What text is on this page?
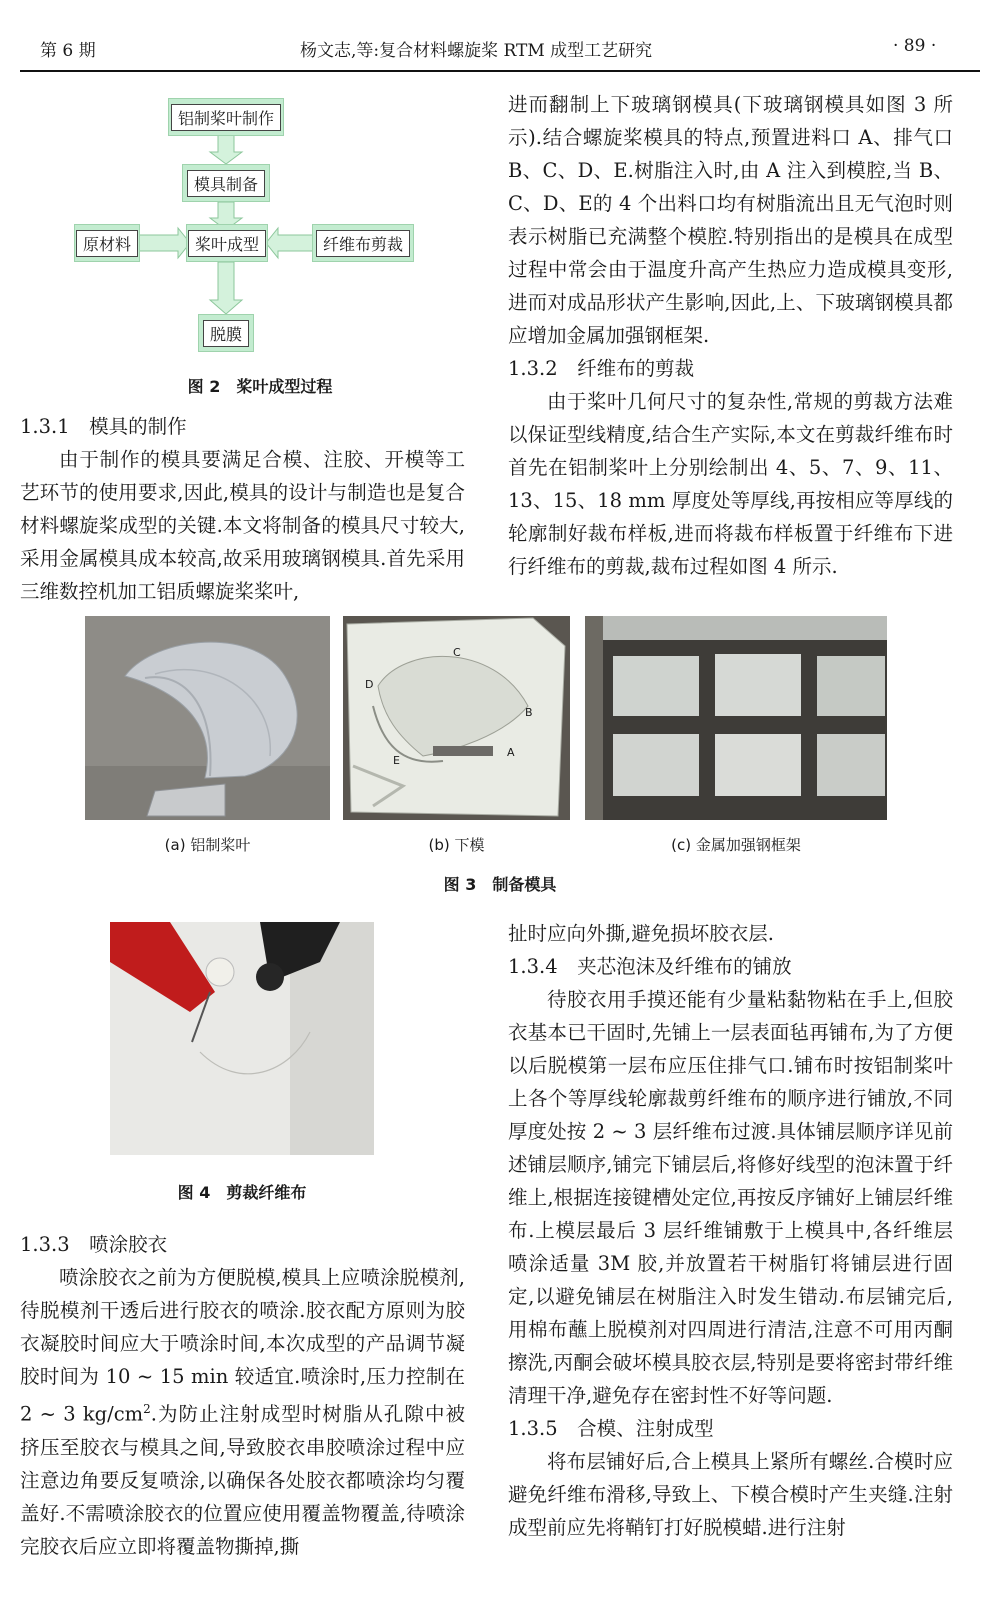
第 6 期	杨文志,等:复合材料螺旋桨 RTM 成型工艺研究	· 89 ·
铝制桨叶制作
模具制备
原材料	桨叶成型	纤维布剪裁
脱膜
图 2　桨叶成型过程

1.3.1　模具的制作

由于制作的模具要满足合模、注胶、开模等工艺环节的使用要求,因此,模具的设计与制造也是复合材料螺旋桨成型的关键.本文将制备的模具尺寸较大,采用金属模具成本较高,故采用玻璃钢模具.首先采用三维数控机加工铝质螺旋桨桨叶,

进而翻制上下玻璃钢模具(下玻璃钢模具如图 3 所示).结合螺旋桨模具的特点,预置进料口 A、排气口 B、C、D、E.树脂注入时,由 A 注入到模腔,当 B、C、D、E的 4 个出料口均有树脂流出且无气泡时则表示树脂已充满整个模腔.特别指出的是模具在成型过程中常会由于温度升高产生热应力造成模具变形,进而对成品形状产生影响,因此,上、下玻璃钢模具都应增加金属加强钢框架.

1.3.2　纤维布的剪裁

由于桨叶几何尺寸的复杂性,常规的剪裁方法难以保证型线精度,结合生产实际,本文在剪裁纤维布时首先在铝制桨叶上分别绘制出 4、5、7、9、11、13、15、18 mm 厚度处等厚线,再按相应等厚线的轮廓制好裁布样板,进而将裁布样板置于纤维布下进行纤维布的剪裁,裁布过程如图 4 所示.

C
D
B
A
E
(a) 铝制桨叶	(b) 下模	(c) 金属加强钢框架
图 3　制备模具
图 4　剪裁纤维布

1.3.3　喷涂胶衣

喷涂胶衣之前为方便脱模,模具上应喷涂脱模剂,待脱模剂干透后进行胶衣的喷涂.胶衣配方原则为胶衣凝胶时间应大于喷涂时间,本次成型的产品调节凝胶时间为 10 ~ 15 min 较适宜.喷涂时,压力控制在 2 ~ 3 $kg/cm^2$.为防止注射成型时树脂从孔隙中被挤压至胶衣与模具之间,导致胶衣串胶喷涂过程中应注意边角要反复喷涂,以确保各处胶衣都喷涂均匀覆盖好.不需喷涂胶衣的位置应使用覆盖物覆盖,待喷涂完胶衣后应立即将覆盖物撕掉,撕

扯时应向外撕,避免损坏胶衣层.

1.3.4　夹芯泡沫及纤维布的铺放

待胶衣用手摸还能有少量粘黏物粘在手上,但胶衣基本已干固时,先铺上一层表面毡再铺布,为了方便以后脱模第一层布应压住排气口.铺布时按铝制桨叶上各个等厚线轮廓裁剪纤维布的顺序进行铺放,不同厚度处按 2 ~ 3 层纤维布过渡.具体铺层顺序详见前述铺层顺序,铺完下铺层后,将修好线型的泡沫置于纤维上,根据连接键槽处定位,再按反序铺好上铺层纤维布.上模层最后 3 层纤维铺敷于上模具中,各纤维层喷涂适量 3M 胶,并放置若干树脂钉将铺层进行固定,以避免铺层在树脂注入时发生错动.布层铺完后,用棉布蘸上脱模剂对四周进行清洁,注意不可用丙酮擦洗,丙酮会破坏模具胶衣层,特别是要将密封带纤维清理干净,避免存在密封性不好等问题.

1.3.5　合模、注射成型

将布层铺好后,合上模具上紧所有螺丝.合模时应避免纤维布滑移,导致上、下模合模时产生夹缝.注射成型前应先将鞘钉打好脱模蜡.进行注射
